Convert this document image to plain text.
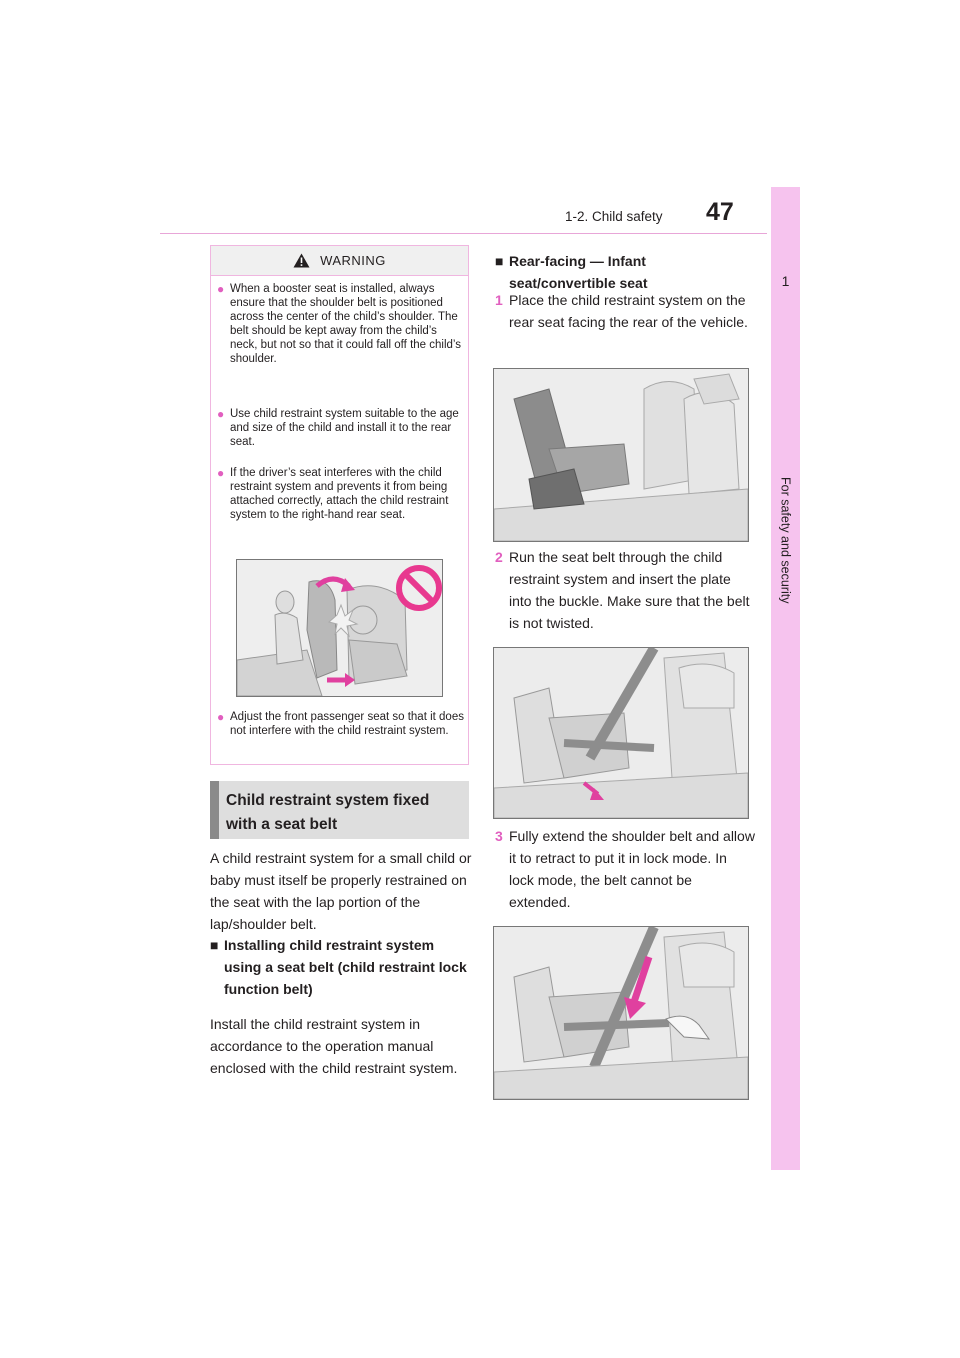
1-2. Child safety 47
1
For safety and security
WARNING
● When a booster seat is installed, always ensure that the shoulder belt is positioned across the center of the child’s shoulder. The belt should be kept away from the child’s neck, but not so that it could fall off the child’s shoulder.
● Use child restraint system suitable to the age and size of the child and install it to the rear seat.
● If the driver’s seat interferes with the child restraint system and prevents it from being attached correctly, attach the child restraint system to the right-hand rear seat.
● Adjust the front passenger seat so that it does not interfere with the child restraint system.
Child restraint system fixed with a seat belt
A child restraint system for a small child or baby must itself be properly restrained on the seat with the lap portion of the lap/shoulder belt.
■ Installing child restraint system using a seat belt (child restraint lock function belt)
Install the child restraint system in accordance to the operation manual enclosed with the child restraint system.
■ Rear-facing — Infant seat/convertible seat
1 Place the child restraint system on the rear seat facing the rear of the vehicle.
2 Run the seat belt through the child restraint system and insert the plate into the buckle. Make sure that the belt is not twisted.
3 Fully extend the shoulder belt and allow it to retract to put it in lock mode. In lock mode, the belt cannot be extended.
